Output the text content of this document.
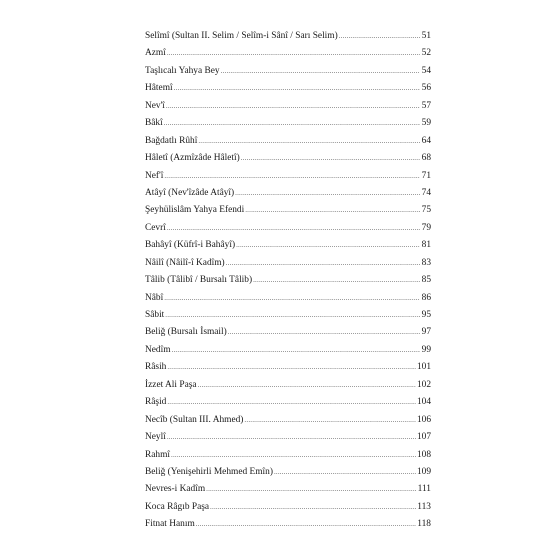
Selîmî (Sultan II. Selim / Selîm-i Sânî / Sarı Selim) .....	51
Azmî .....	52
Taşlıcalı Yahya Bey .....	54
Hâtemî .....	56
Nev'î .....	57
Bâkî .....	59
Bağdatlı Rûhî .....	64
Hâletî (Azmîzâde Hâletî) .....	68
Nef'î .....	71
Atâyî (Nev'îzâde Atâyî) .....	74
Şeyhülislâm Yahya Efendi .....	75
Cevrî .....	79
Bahâyî (Küfrî-i Bahâyî) .....	81
Nâilî (Nâilî-î Kadîm) .....	83
Tâlib (Tâlibî / Bursalı Tâlib) .....	85
Nâbî .....	86
Sâbit .....	95
Beliğ (Bursalı İsmail) .....	97
Nedîm .....	99
Râsih .....	101
İzzet Ali Paşa .....	102
Râşid .....	104
Necîb (Sultan III. Ahmed) .....	106
Neylî .....	107
Rahmî .....	108
Beliğ (Yenişehirli Mehmed Emîn) .....	109
Nevres-i Kadîm .....	111
Koca Râgıb Paşa .....	113
Fitnat Hanım .....	118
